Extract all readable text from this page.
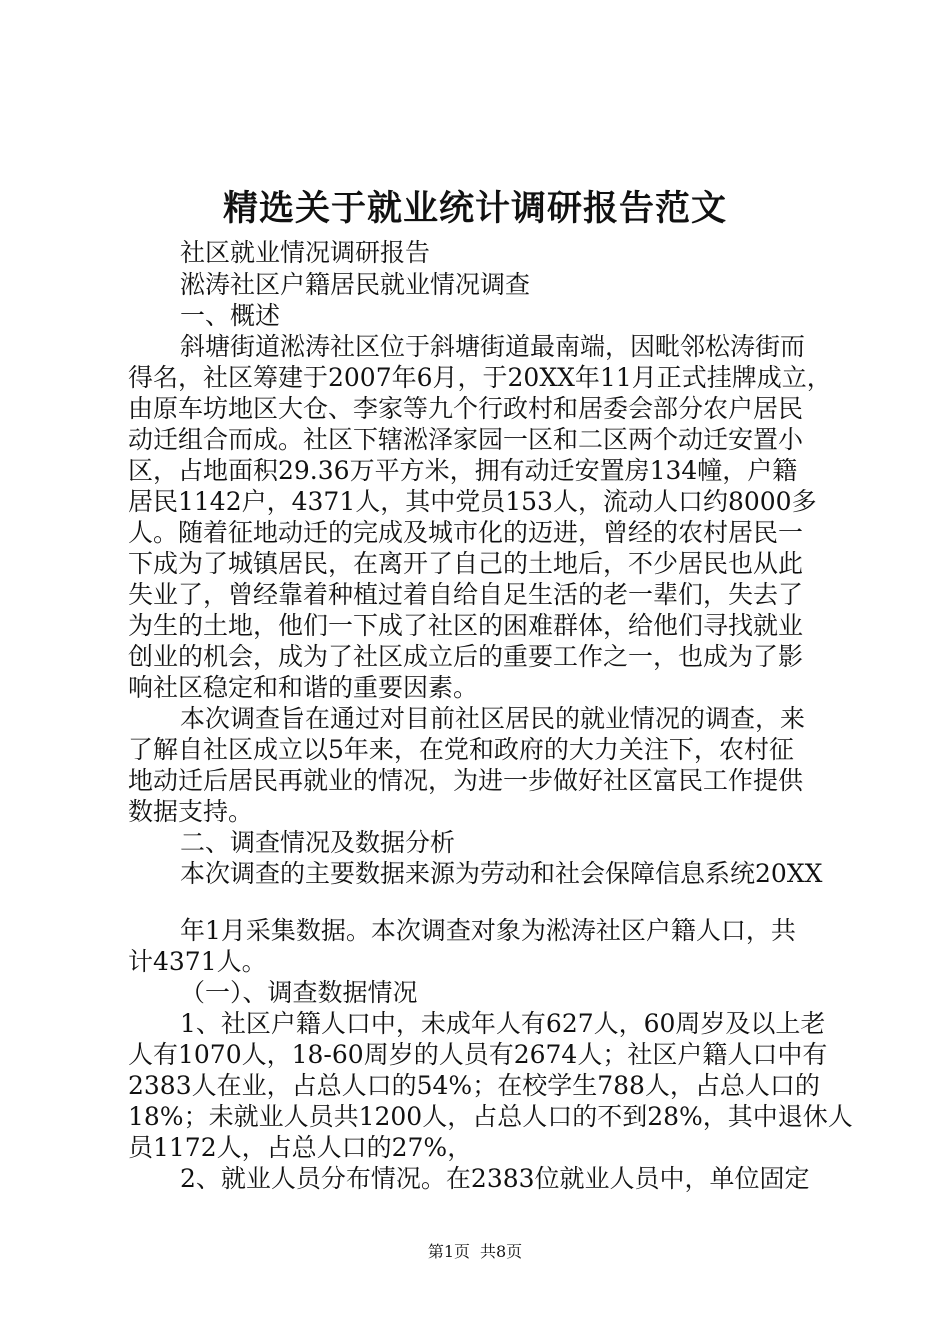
精选关于就业统计调研报告范文

社区就业情况调研报告

淞涛社区户籍居民就业情况调查

一、概述

斜塘街道淞涛社区位于斜塘街道最南端，因毗邻松涛街而

得名，社区筹建于2007年6月，于20XX年11月正式挂牌成立，

由原车坊地区大仓、李家等九个行政村和居委会部分农户居民

动迁组合而成。社区下辖淞泽家园一区和二区两个动迁安置小

区，占地面积29.36万平方米，拥有动迁安置房134幢，户籍

居民1142户，4371人，其中党员153人，流动人口约8000多

人。随着征地动迁的完成及城市化的迈进，曾经的农村居民一

下成为了城镇居民，在离开了自己的土地后，不少居民也从此

失业了，曾经靠着种植过着自给自足生活的老一辈们，失去了

为生的土地，他们一下成了社区的困难群体，给他们寻找就业

创业的机会，成为了社区成立后的重要工作之一，也成为了影

响社区稳定和和谐的重要因素。

本次调查旨在通过对目前社区居民的就业情况的调查，来

了解自社区成立以5年来，在党和政府的大力关注下，农村征

地动迁后居民再就业的情况，为进一步做好社区富民工作提供

数据支持。

二、调查情况及数据分析

本次调查的主要数据来源为劳动和社会保障信息系统20XX

年1月采集数据。本次调查对象为淞涛社区户籍人口，共

计4371人。

（一）、调查数据情况

1、社区户籍人口中，未成年人有627人，60周岁及以上老

人有1070人，18-60周岁的人员有2674人；社区户籍人口中有

2383人在业，占总人口的54%；在校学生788人，占总人口的

18%；未就业人员共1200人，占总人口的不到28%，其中退休人

员1172人，占总人口的27%，

2、就业人员分布情况。在2383位就业人员中，单位固定

第1页 共8页
